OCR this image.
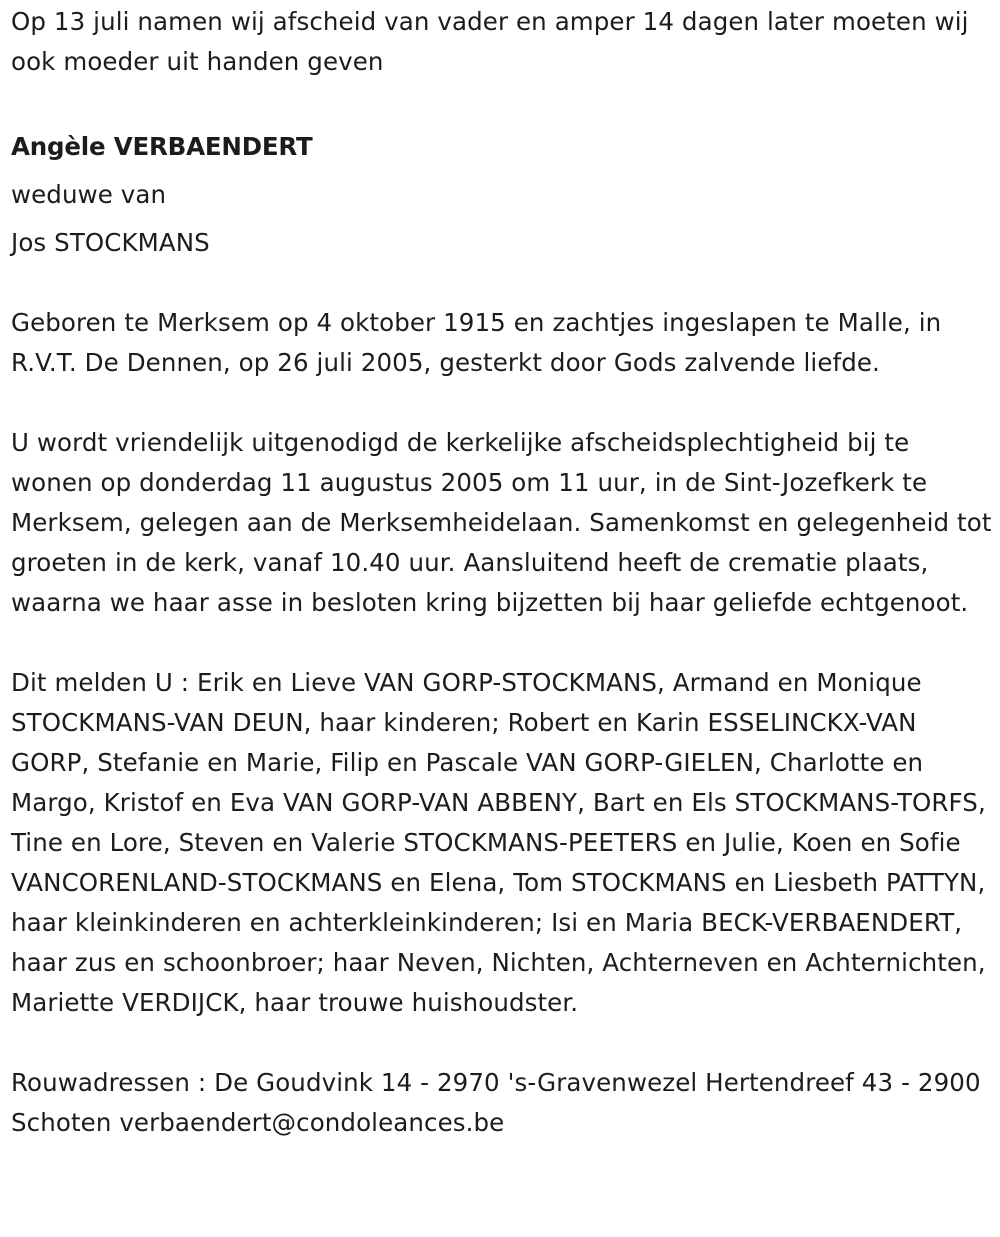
Op 13 juli namen wij afscheid van vader en amper 14 dagen later moeten wij ook moeder uit handen geven

Angèle VERBAENDERT

weduwe van

Jos STOCKMANS

Geboren te Merksem op 4 oktober 1915 en zachtjes ingeslapen te Malle, in R.V.T. De Dennen, op 26 juli 2005, gesterkt door Gods zalvende liefde.

U wordt vriendelijk uitgenodigd de kerkelijke afscheidsplechtigheid bij te wonen op donderdag 11 augustus 2005 om 11 uur, in de Sint-Jozefkerk te Merksem, gelegen aan de Merksemheidelaan. Samenkomst en gelegenheid tot groeten in de kerk, vanaf 10.40 uur. Aansluitend heeft de crematie plaats, waarna we haar asse in besloten kring bijzetten bij haar geliefde echtgenoot.

Dit melden U : Erik en Lieve VAN GORP-STOCKMANS, Armand en Monique STOCKMANS-VAN DEUN, haar kinderen; Robert en Karin ESSELINCKX-VAN GORP, Stefanie en Marie, Filip en Pascale VAN GORP-GIELEN, Charlotte en Margo, Kristof en Eva VAN GORP-VAN ABBENY, Bart en Els STOCKMANS-TORFS, Tine en Lore, Steven en Valerie STOCKMANS-PEETERS en Julie, Koen en Sofie VANCORENLAND-STOCKMANS en Elena, Tom STOCKMANS en Liesbeth PATTYN, haar kleinkinderen en achterkleinkinderen; Isi en Maria BECK-VERBAENDERT, haar zus en schoonbroer; haar Neven, Nichten, Achterneven en Achternichten, Mariette VERDIJCK, haar trouwe huishoudster.

Rouwadressen : De Goudvink 14 - 2970 's-Gravenwezel Hertendreef 43 - 2900 Schoten verbaendert@condoleances.be
